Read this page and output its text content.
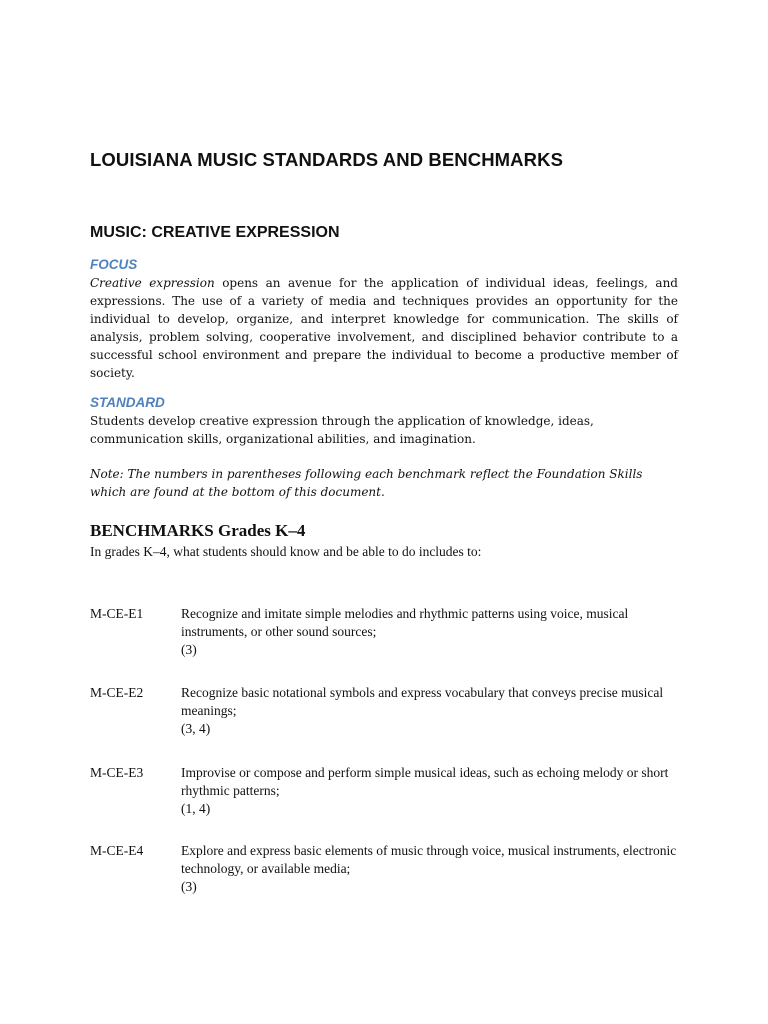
LOUISIANA MUSIC STANDARDS AND BENCHMARKS
MUSIC: CREATIVE EXPRESSION
FOCUS
Creative expression opens an avenue for the application of individual ideas, feelings, and expressions. The use of a variety of media and techniques provides an opportunity for the individual to develop, organize, and interpret knowledge for communication. The skills of analysis, problem solving, cooperative involvement, and disciplined behavior contribute to a successful school environment and prepare the individual to become a productive member of society.
STANDARD
Students develop creative expression through the application of knowledge, ideas, communication skills, organizational abilities, and imagination.
Note: The numbers in parentheses following each benchmark reflect the Foundation Skills which are found at the bottom of this document.
BENCHMARKS Grades K–4
In grades K–4, what students should know and be able to do includes to:
M-CE-E1	Recognize and imitate simple melodies and rhythmic patterns using voice, musical instruments, or other sound sources;
(3)
M-CE-E2	Recognize basic notational symbols and express vocabulary that conveys precise musical meanings;
(3, 4)
M-CE-E3	Improvise or compose and perform simple musical ideas, such as echoing melody or short rhythmic patterns;
(1, 4)
M-CE-E4	Explore and express basic elements of music through voice, musical instruments, electronic technology, or available media;
(3)
